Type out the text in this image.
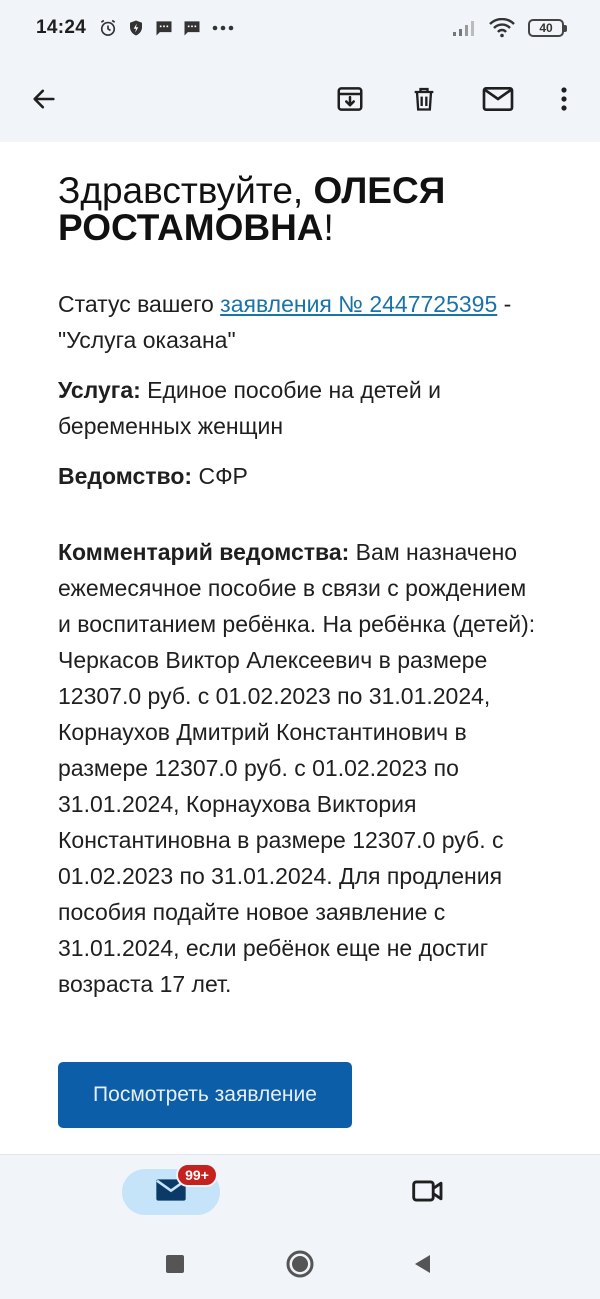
14:24	40
Здравствуйте, ОЛЕСЯ РОСТАМОВНА!

Статус вашего заявления № 2447725395 - "Услуга оказана"

Услуга: Единое пособие на детей и беременных женщин

Ведомство: СФР

Комментарий ведомства: Вам назначено ежемесячное пособие в связи с рождением и воспитанием ребёнка. На ребёнка (детей): Черкасов Виктор Алексеевич в размере 12307.0 руб. с 01.02.2023 по 31.01.2024, Корнаухов Дмитрий Константинович в размере 12307.0 руб. с 01.02.2023 по 31.01.2024, Корнаухова Виктория Константиновна в размере 12307.0 руб. с 01.02.2023 по 31.01.2024. Для продления пособия подайте новое заявление с 31.01.2024, если ребёнок еще не достиг возраста 17 лет.

Посмотреть заявление
99+
